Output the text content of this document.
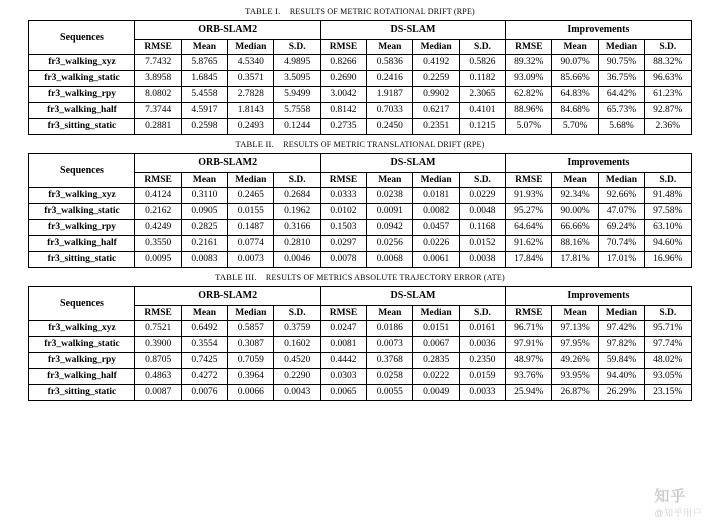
TABLE I. RESULTS OF METRIC ROTATIONAL DRIFT (RPE)
Sequences	ORB-SLAM2				DS-SLAM				Improvements			
	RMSE	Mean	Median	S.D.	RMSE	Mean	Median	S.D.	RMSE	Mean	Median	S.D.
fr3_walking_xyz	7.7432	5.8765	4.5340	4.9895	0.8266	0.5836	0.4192	0.5826	89.32%	90.07%	90.75%	88.32%
fr3_walking_static	3.8958	1.6845	0.3571	3.5095	0.2690	0.2416	0.2259	0.1182	93.09%	85.66%	36.75%	96.63%
fr3_walking_rpy	8.0802	5.4558	2.7828	5.9499	3.0042	1.9187	0.9902	2.3065	62.82%	64.83%	64.42%	61.23%
fr3_walking_half	7.3744	4.5917	1.8143	5.7558	0.8142	0.7033	0.6217	0.4101	88.96%	84.68%	65.73%	92.87%
fr3_sitting_static	0.2881	0.2598	0.2493	0.1244	0.2735	0.2450	0.2351	0.1215	5.07%	5.70%	5.68%	2.36%
TABLE II. RESULTS OF METRIC TRANSLATIONAL DRIFT (RPE)
Sequences	ORB-SLAM2				DS-SLAM				Improvements			
	RMSE	Mean	Median	S.D.	RMSE	Mean	Median	S.D.	RMSE	Mean	Median	S.D.
fr3_walking_xyz	0.4124	0.3110	0.2465	0.2684	0.0333	0.0238	0.0181	0.0229	91.93%	92.34%	92.66%	91.48%
fr3_walking_static	0.2162	0.0905	0.0155	0.1962	0.0102	0.0091	0.0082	0.0048	95.27%	90.00%	47.07%	97.58%
fr3_walking_rpy	0.4249	0.2825	0.1487	0.3166	0.1503	0.0942	0.0457	0.1168	64.64%	66.66%	69.24%	63.10%
fr3_walking_half	0.3550	0.2161	0.0774	0.2810	0.0297	0.0256	0.0226	0.0152	91.62%	88.16%	70.74%	94.60%
fr3_sitting_static	0.0095	0.0083	0.0073	0.0046	0.0078	0.0068	0.0061	0.0038	17.84%	17.81%	17.01%	16.96%
TABLE III. RESULTS OF METRICS ABSOLUTE TRAJECTORY ERROR (ATE)
Sequences	ORB-SLAM2				DS-SLAM				Improvements			
	RMSE	Mean	Median	S.D.	RMSE	Mean	Median	S.D.	RMSE	Mean	Median	S.D.
fr3_walking_xyz	0.7521	0.6492	0.5857	0.3759	0.0247	0.0186	0.0151	0.0161	96.71%	97.13%	97.42%	95.71%
fr3_walking_static	0.3900	0.3554	0.3087	0.1602	0.0081	0.0073	0.0067	0.0036	97.91%	97.95%	97.82%	97.74%
fr3_walking_rpy	0.8705	0.7425	0.7059	0.4520	0.4442	0.3768	0.2835	0.2350	48.97%	49.26%	59.84%	48.02%
fr3_walking_half	0.4863	0.4272	0.3964	0.2290	0.0303	0.0258	0.0222	0.0159	93.76%	93.95%	94.40%	93.05%
fr3_sitting_static	0.0087	0.0076	0.0066	0.0043	0.0065	0.0055	0.0049	0.0033	25.94%	26.87%	26.29%	23.15%
知乎
@知乎用户
